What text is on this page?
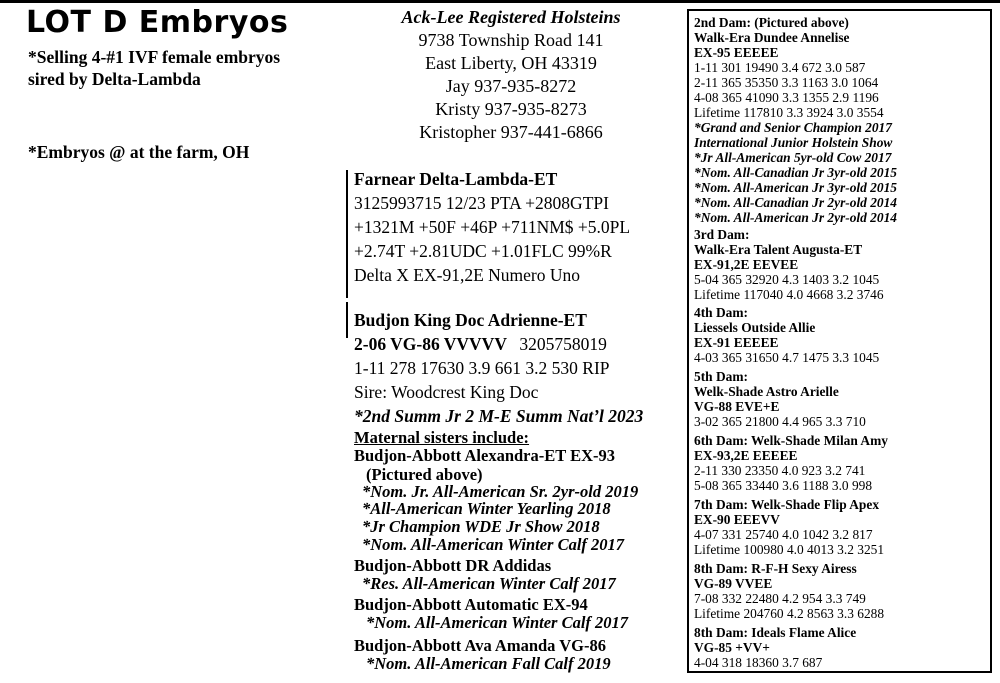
LOT D Embryos
*Selling 4-#1 IVF female embryos
sired by Delta-Lambda
*Embryos @ at the farm, OH
Ack-Lee Registered Holsteins
9738 Township Road 141
East Liberty, OH 43319
Jay 937-935-8272
Kristy 937-935-8273
Kristopher 937-441-6866
Farnear Delta-Lambda-ET
3125993715 12/23 PTA +2808GTPI
+1321M +50F +46P +711NM$ +5.0PL
+2.74T +2.81UDC +1.01FLC 99%R
Delta X EX-91,2E Numero Uno
Budjon King Doc Adrienne-ET
2-06 VG-86 VVVVV 3205758019
1-11 278 17630 3.9 661 3.2 530 RIP
Sire: Woodcrest King Doc
*2nd Summ Jr 2 M-E Summ Nat’l 2023
Maternal sisters include:
Budjon-Abbott Alexandra-ET EX-93
(Pictured above)
*Nom. Jr. All-American Sr. 2yr-old 2019
*All-American Winter Yearling 2018
*Jr Champion WDE Jr Show 2018
*Nom. All-American Winter Calf 2017
Budjon-Abbott DR Addidas
*Res. All-American Winter Calf 2017
Budjon-Abbott Automatic EX-94
*Nom. All-American Winter Calf 2017
Budjon-Abbott Ava Amanda VG-86
*Nom. All-American Fall Calf 2019
2nd Dam: (Pictured above)
Walk-Era Dundee Annelise
EX-95 EEEEE
1-11 301 19490 3.4 672 3.0 587
2-11 365 35350 3.3 1163 3.0 1064
4-08 365 41090 3.3 1355 2.9 1196
Lifetime 117810 3.3 3924 3.0 3554
*Grand and Senior Champion 2017
International Junior Holstein Show
*Jr All-American 5yr-old Cow 2017
*Nom. All-Canadian Jr 3yr-old 2015
*Nom. All-American Jr 3yr-old 2015
*Nom. All-Canadian Jr 2yr-old 2014
*Nom. All-American Jr 2yr-old 2014
3rd Dam:
Walk-Era Talent Augusta-ET
EX-91,2E EEVEE
5-04 365 32920 4.3 1403 3.2 1045
Lifetime 117040 4.0 4668 3.2 3746
4th Dam:
Liessels Outside Allie
EX-91 EEEEE
4-03 365 31650 4.7 1475 3.3 1045
5th Dam:
Welk-Shade Astro Arielle
VG-88 EVE+E
3-02 365 21800 4.4 965 3.3 710
6th Dam: Welk-Shade Milan Amy
EX-93,2E EEEEE
2-11 330 23350 4.0 923 3.2 741
5-08 365 33440 3.6 1188 3.0 998
7th Dam: Welk-Shade Flip Apex
EX-90 EEEVV
4-07 331 25740 4.0 1042 3.2 817
Lifetime 100980 4.0 4013 3.2 3251
8th Dam: R-F-H Sexy Airess
VG-89 VVEE
7-08 332 22480 4.2 954 3.3 749
Lifetime 204760 4.2 8563 3.3 6288
8th Dam: Ideals Flame Alice
VG-85 +VV+
4-04 318 18360 3.7 687
